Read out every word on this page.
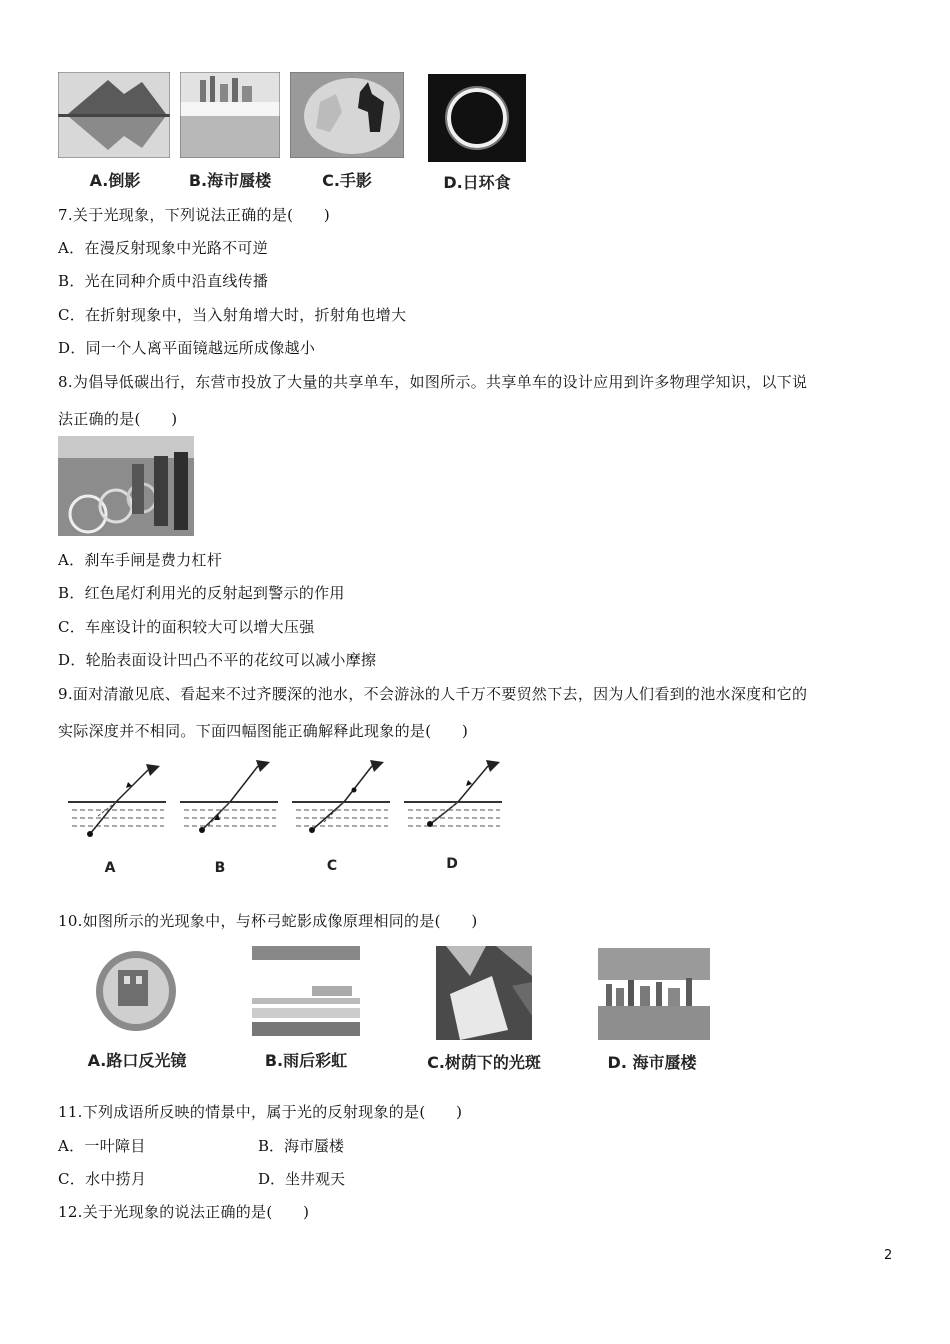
A.倒影	B.海市蜃楼	C.手影	D.日环食
7.关于光现象，下列说法正确的是(　　)
A．在漫反射现象中光路不可逆
B．光在同种介质中沿直线传播
C．在折射现象中，当入射角增大时，折射角也增大
D．同一个人离平面镜越远所成像越小
8.为倡导低碳出行，东营市投放了大量的共享单车，如图所示。共享单车的设计应用到许多物理学知识，以下说
法正确的是(　　)
A．刹车手闸是费力杠杆
B．红色尾灯利用光的反射起到警示的作用
C．车座设计的面积较大可以增大压强
D．轮胎表面设计凹凸不平的花纹可以减小摩擦
9.面对清澈见底、看起来不过齐腰深的池水，不会游泳的人千万不要贸然下去，因为人们看到的池水深度和它的
实际深度并不相同。下面四幅图能正确解释此现象的是(　　)
A	B	C	D
10.如图所示的光现象中，与杯弓蛇影成像原理相同的是(　　)
A.路口反光镜	B.雨后彩虹	C.树荫下的光斑	D. 海市蜃楼
11.下列成语所反映的情景中，属于光的反射现象的是(　　)
A．一叶障目	B．海市蜃楼
C．水中捞月	D．坐井观天
12.关于光现象的说法正确的是(　　)
2
